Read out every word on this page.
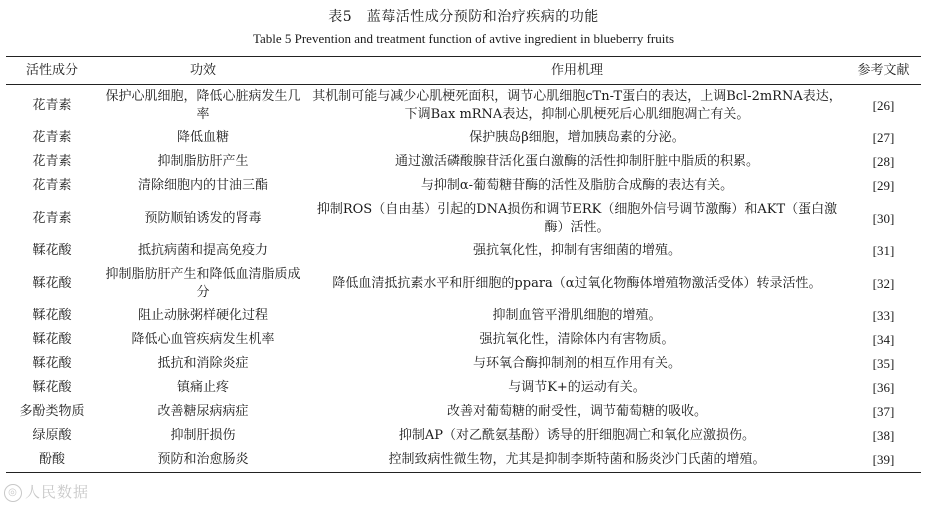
表5　蓝莓活性成分预防和治疗疾病的功能
Table 5 Prevention and treatment function of avtive ingredient in blueberry fruits
活性成分	功效	作用机理	参考文献
花青素	保护心肌细胞，降低心脏病发生几率	其机制可能与减少心肌梗死面积，调节心肌细胞cTn-T蛋白的表达，上调Bcl-2mRNA表达，下调Bax mRNA表达，抑制心肌梗死后心肌细胞凋亡有关。	[26]
花青素	降低血糖	保护胰岛β细胞，增加胰岛素的分泌。	[27]
花青素	抑制脂肪肝产生	通过激活磷酸腺苷活化蛋白激酶的活性抑制肝脏中脂质的积累。	[28]
花青素	清除细胞内的甘油三酯	与抑制α-葡萄糖苷酶的活性及脂肪合成酶的表达有关。	[29]
花青素	预防顺铂诱发的肾毒	抑制ROS（自由基）引起的DNA损伤和调节ERK（细胞外信号调节激酶）和AKT（蛋白激酶）活性。	[30]
鞣花酸	抵抗病菌和提高免疫力	强抗氧化性，抑制有害细菌的增殖。	[31]
鞣花酸	抑制脂肪肝产生和降低血清脂质成分	降低血清抵抗素水平和肝细胞的ppara（α过氧化物酶体增殖物激活受体）转录活性。	[32]
鞣花酸	阻止动脉粥样硬化过程	抑制血管平滑肌细胞的增殖。	[33]
鞣花酸	降低心血管疾病发生机率	强抗氧化性，清除体内有害物质。	[34]
鞣花酸	抵抗和消除炎症	与环氧合酶抑制剂的相互作用有关。	[35]
鞣花酸	镇痛止疼	与调节K+的运动有关。	[36]
多酚类物质	改善糖尿病病症	改善对葡萄糖的耐受性，调节葡萄糖的吸收。	[37]
绿原酸	抑制肝损伤	抑制AP（对乙酰氨基酚）诱导的肝细胞凋亡和氧化应激损伤。	[38]
酚酸	预防和治愈肠炎	控制致病性微生物，尤其是抑制李斯特菌和肠炎沙门氏菌的增殖。	[39]
◎ 人民数据
